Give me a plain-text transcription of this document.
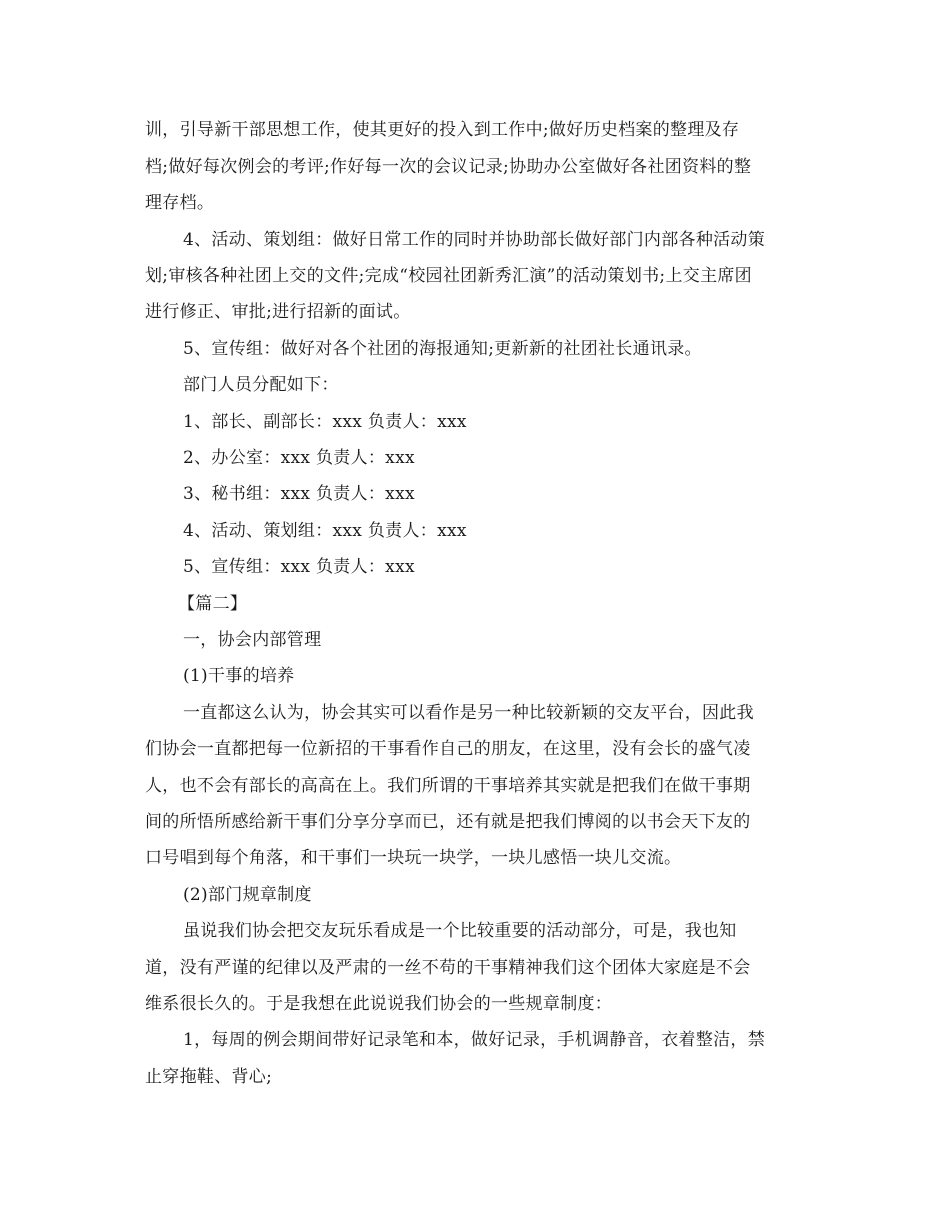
训，引导新干部思想工作，使其更好的投入到工作中;做好历史档案的整理及存
档;做好每次例会的考评;作好每一次的会议记录;协助办公室做好各社团资料的整
理存档。
4、活动、策划组：做好日常工作的同时并协助部长做好部门内部各种活动策
划;审核各种社团上交的文件;完成“校园社团新秀汇演”的活动策划书;上交主席团
进行修正、审批;进行招新的面试。
5、宣传组：做好对各个社团的海报通知;更新新的社团社长通讯录。
部门人员分配如下：
1、部长、副部长：xxx 负责人：xxx
2、办公室：xxx 负责人：xxx
3、秘书组：xxx 负责人：xxx
4、活动、策划组：xxx 负责人：xxx
5、宣传组：xxx 负责人：xxx
【篇二】
一，协会内部管理
(1)干事的培养
一直都这么认为，协会其实可以看作是另一种比较新颖的交友平台，因此我
们协会一直都把每一位新招的干事看作自己的朋友，在这里，没有会长的盛气凌
人，也不会有部长的高高在上。我们所谓的干事培养其实就是把我们在做干事期
间的所悟所感给新干事们分享分享而已，还有就是把我们博阅的以书会天下友的
口号唱到每个角落，和干事们一块玩一块学，一块儿感悟一块儿交流。
(2)部门规章制度
虽说我们协会把交友玩乐看成是一个比较重要的活动部分，可是，我也知
道，没有严谨的纪律以及严肃的一丝不苟的干事精神我们这个团体大家庭是不会
维系很长久的。于是我想在此说说我们协会的一些规章制度：
1，每周的例会期间带好记录笔和本，做好记录，手机调静音，衣着整洁，禁
止穿拖鞋、背心;
